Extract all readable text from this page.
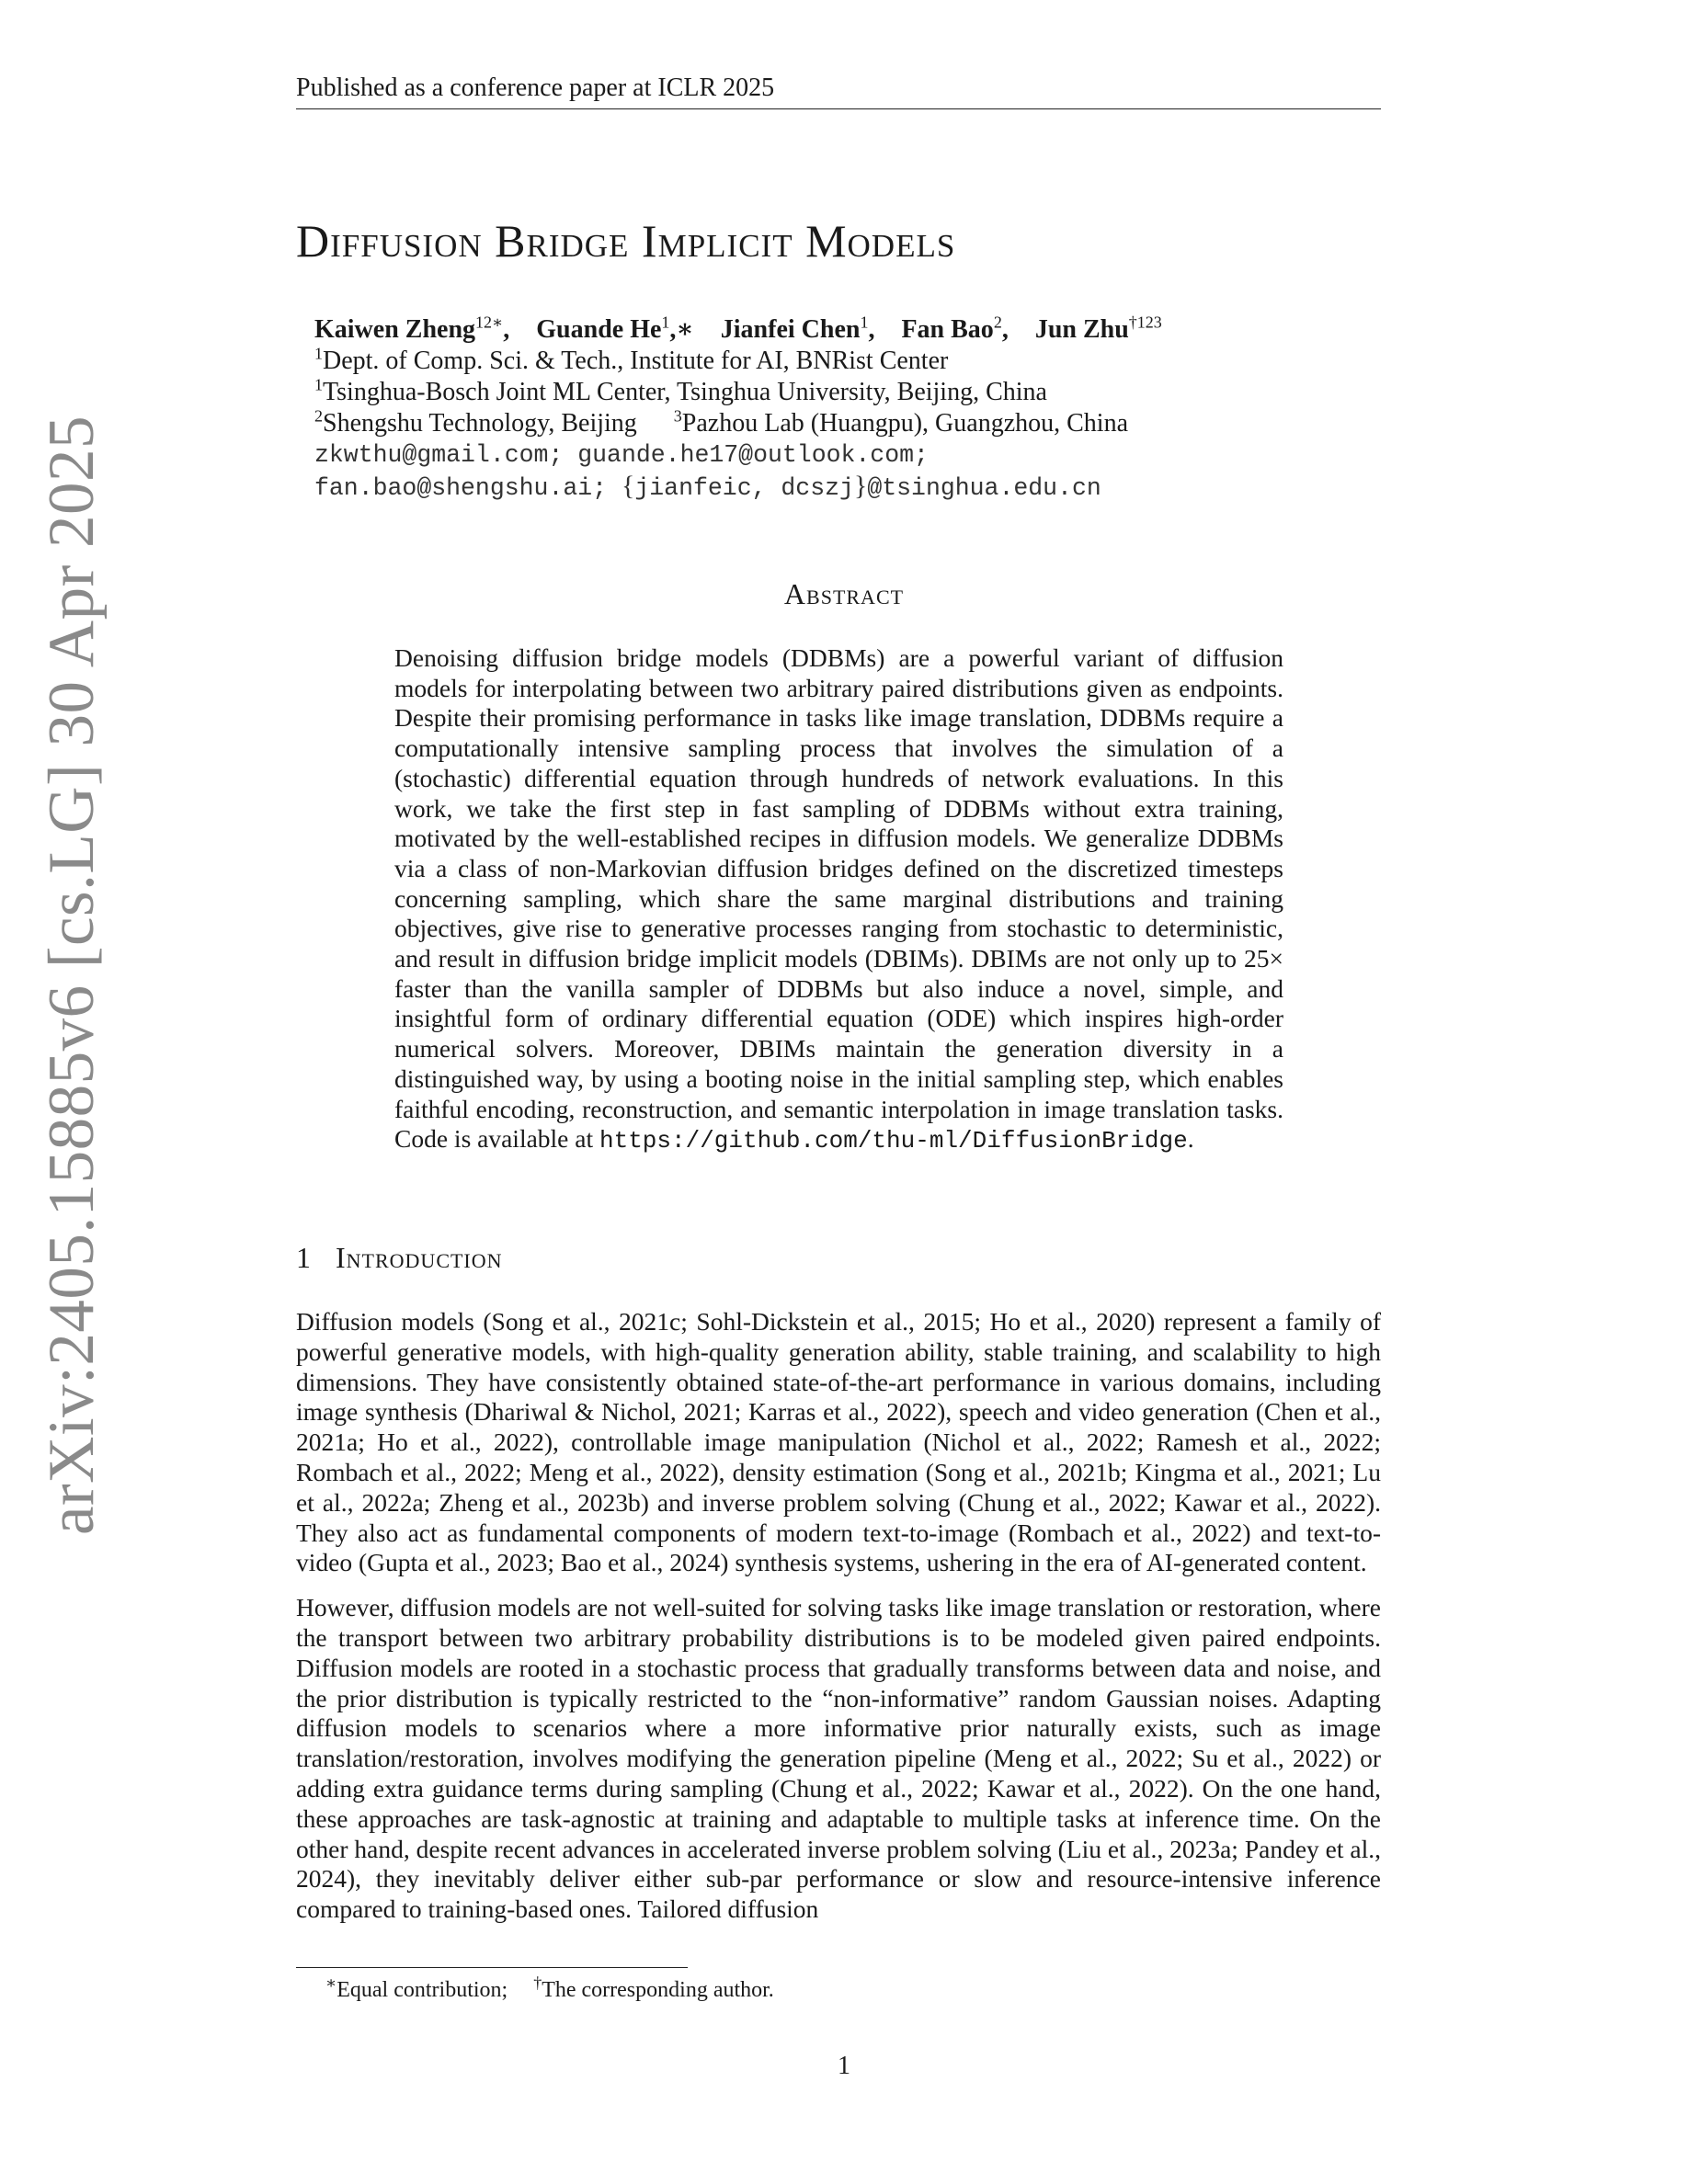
Published as a conference paper at ICLR 2025
arXiv:2405.15885v6 [cs.LG] 30 Apr 2025
Diffusion Bridge Implicit Models
Kaiwen Zheng$^{12∗}$, Guande He$^1$,∗ Jianfei Chen$^1$, Fan Bao$^2$, Jun Zhu$^{\dagger 123}$
$^1$Dept. of Comp. Sci. & Tech., Institute for AI, BNRist Center
$^1$Tsinghua-Bosch Joint ML Center, Tsinghua University, Beijing, China
$^2$Shengshu Technology, Beijing $^3$Pazhou Lab (Huangpu), Guangzhou, China
zkwthu@gmail.com; guande.he17@outlook.com;
fan.bao@shengshu.ai; {jianfeic, dcszj}@tsinghua.edu.cn
Abstract
Denoising diffusion bridge models (DDBMs) are a powerful variant of diffusion models for interpolating between two arbitrary paired distributions given as endpoints. Despite their promising performance in tasks like image translation, DDBMs require a computationally intensive sampling process that involves the simulation of a (stochastic) differential equation through hundreds of network evaluations. In this work, we take the first step in fast sampling of DDBMs without extra training, motivated by the well-established recipes in diffusion models. We generalize DDBMs via a class of non-Markovian diffusion bridges defined on the discretized timesteps concerning sampling, which share the same marginal distributions and training objectives, give rise to generative processes ranging from stochastic to deterministic, and result in diffusion bridge implicit models (DBIMs). DBIMs are not only up to 25× faster than the vanilla sampler of DDBMs but also induce a novel, simple, and insightful form of ordinary differential equation (ODE) which inspires high-order numerical solvers. Moreover, DBIMs maintain the generation diversity in a distinguished way, by using a booting noise in the initial sampling step, which enables faithful encoding, reconstruction, and semantic interpolation in image translation tasks. Code is available at https://github.com/thu-ml/DiffusionBridge.
1 Introduction

Diffusion models (Song et al., 2021c; Sohl-Dickstein et al., 2015; Ho et al., 2020) represent a family of powerful generative models, with high-quality generation ability, stable training, and scalability to high dimensions. They have consistently obtained state-of-the-art performance in various domains, including image synthesis (Dhariwal & Nichol, 2021; Karras et al., 2022), speech and video generation (Chen et al., 2021a; Ho et al., 2022), controllable image manipulation (Nichol et al., 2022; Ramesh et al., 2022; Rombach et al., 2022; Meng et al., 2022), density estimation (Song et al., 2021b; Kingma et al., 2021; Lu et al., 2022a; Zheng et al., 2023b) and inverse problem solving (Chung et al., 2022; Kawar et al., 2022). They also act as fundamental components of modern text-to-image (Rombach et al., 2022) and text-to-video (Gupta et al., 2023; Bao et al., 2024) synthesis systems, ushering in the era of AI-generated content.

However, diffusion models are not well-suited for solving tasks like image translation or restoration, where the transport between two arbitrary probability distributions is to be modeled given paired endpoints. Diffusion models are rooted in a stochastic process that gradually transforms between data and noise, and the prior distribution is typically restricted to the “non-informative” random Gaussian noises. Adapting diffusion models to scenarios where a more informative prior naturally exists, such as image translation/restoration, involves modifying the generation pipeline (Meng et al., 2022; Su et al., 2022) or adding extra guidance terms during sampling (Chung et al., 2022; Kawar et al., 2022). On the one hand, these approaches are task-agnostic at training and adaptable to multiple tasks at inference time. On the other hand, despite recent advances in accelerated inverse problem solving (Liu et al., 2023a; Pandey et al., 2024), they inevitably deliver either sub-par performance or slow and resource-intensive inference compared to training-based ones. Tailored diffusion

∗Equal contribution; †The corresponding author.
1
